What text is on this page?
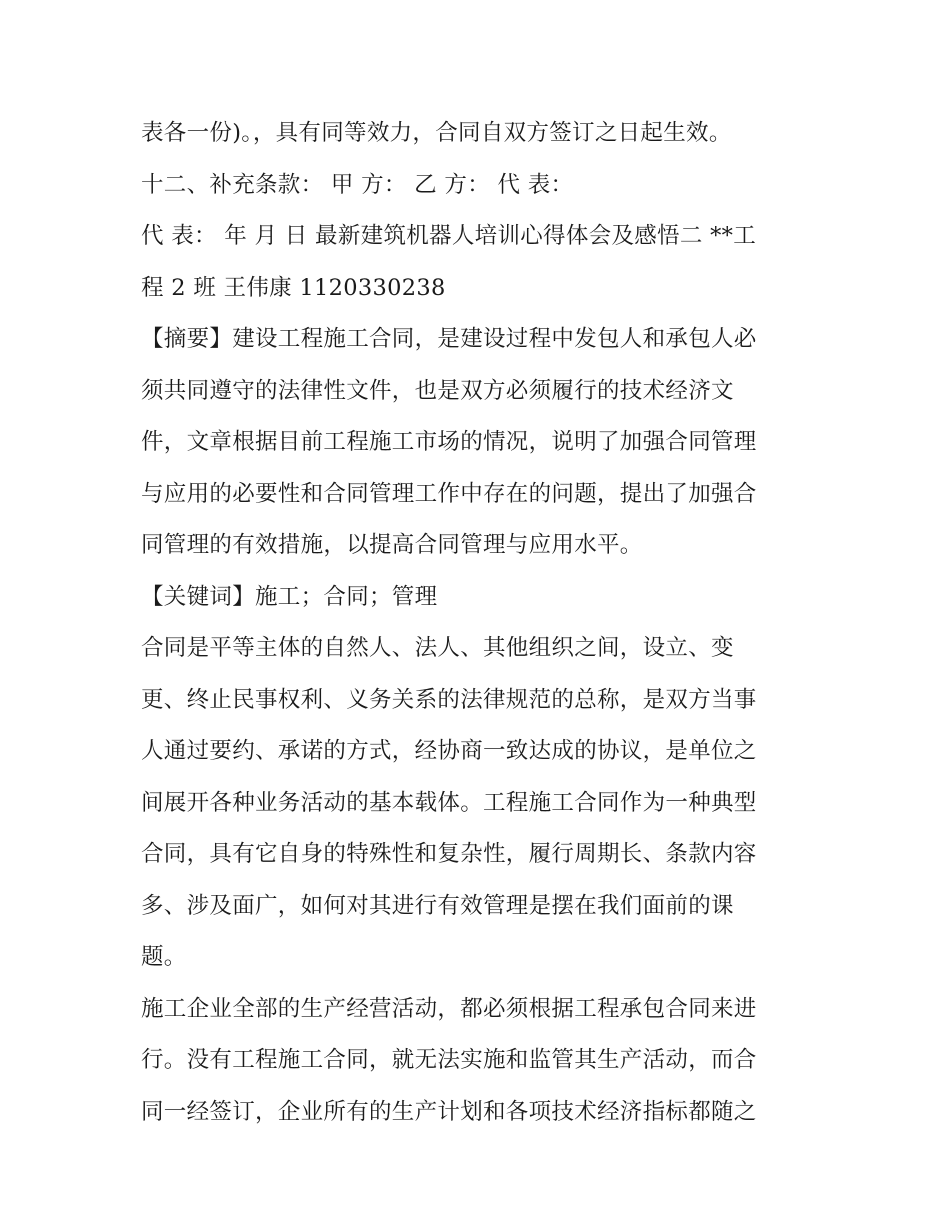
表各一份)。，具有同等效力，合同自双方签订之日起生效。
十二、补充条款： 甲 方： 乙 方： 代 表：
代 表： 年 月 日 最新建筑机器人培训心得体会及感悟二 **工
程 2 班 王伟康 1120330238
【摘要】建设工程施工合同，是建设过程中发包人和承包人必
须共同遵守的法律性文件，也是双方必须履行的技术经济文
件，文章根据目前工程施工市场的情况，说明了加强合同管理
与应用的必要性和合同管理工作中存在的问题，提出了加强合
同管理的有效措施，以提高合同管理与应用水平。
【关键词】施工；合同；管理
合同是平等主体的自然人、法人、其他组织之间，设立、变
更、终止民事权利、义务关系的法律规范的总称，是双方当事
人通过要约、承诺的方式，经协商一致达成的协议，是单位之
间展开各种业务活动的基本载体。工程施工合同作为一种典型
合同，具有它自身的特殊性和复杂性，履行周期长、条款内容
多、涉及面广，如何对其进行有效管理是摆在我们面前的课
题。
施工企业全部的生产经营活动，都必须根据工程承包合同来进
行。没有工程施工合同，就无法实施和监管其生产活动，而合
同一经签订，企业所有的生产计划和各项技术经济指标都随之
